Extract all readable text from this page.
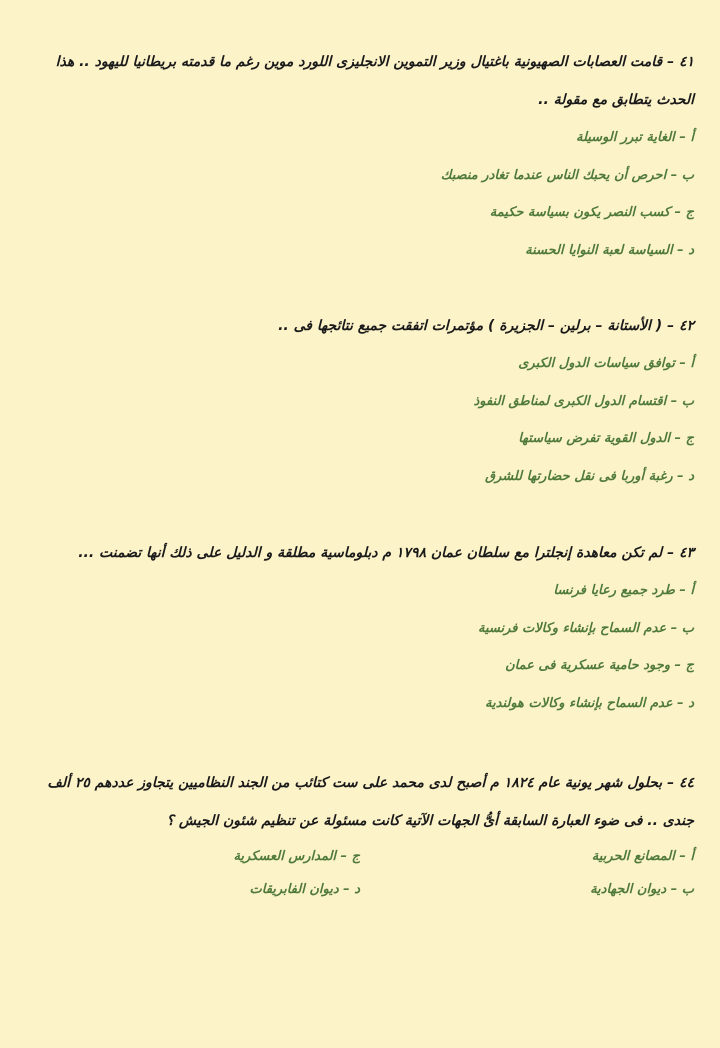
٤١ – قامت العصابات الصهيونية باغتيال وزير التموين الانجليزى اللورد موين رغم ما قدمته بريطانيا لليهود .. هذا الحدث يتطابق مع مقولة ..

أ – الغاية تبرر الوسيلة

ب – احرص أن يحبك الناس عندما تغادر منصبك

ج – كسب النصر يكون بسياسة حكيمة

د – السياسة لعبة النوايا الحسنة

٤٢ – ( الأستانة – برلين – الجزيرة ) مؤتمرات اتفقت جميع نتائجها فى ..

أ – توافق سياسات الدول الكبرى

ب – اقتسام الدول الكبرى لمناطق النفوذ

ج – الدول القوية تفرض سياستها

د – رغبة أوربا فى نقل حضارتها للشرق

٤٣ – لم تكن معاهدة إنجلترا مع سلطان عمان ١٧٩٨ م دبلوماسية مطلقة و الدليل على ذلك أنها تضمنت ...

أ – طرد جميع رعايا فرنسا

ب – عدم السماح بإنشاء وكالات فرنسية

ج – وجود حامية عسكرية فى عمان

د – عدم السماح بإنشاء وكالات هولندية

٤٤ – بحلول شهر يونية عام ١٨٢٤ م أصبح لدى محمد على ست كتائب من الجند النظاميين يتجاوز عددهم ٢٥ ألف جندى .. فى ضوء العبارة السابقة أىُّ الجهات الآتية كانت مسئولة عن تنظيم شئون الجيش ؟

أ – المصانع الحربية

ج – المدارس العسكرية

ب – ديوان الجهادية

د – ديوان الفابريقات
